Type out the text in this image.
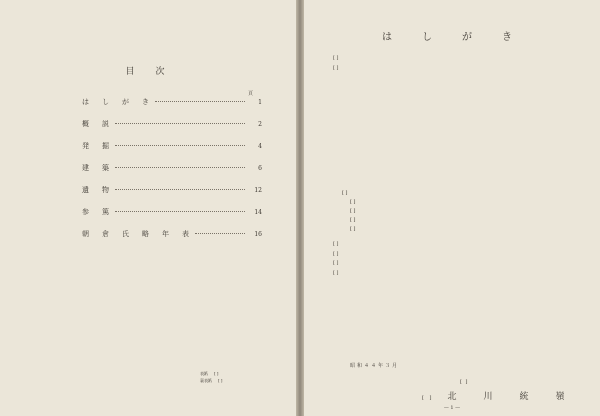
目　次
頁
は　し　が　き	1
概　説	2
発　掘	4
建　築	6
遺　物	12
参　篤	14
朝　倉　氏　略　年　表	16
表紙 [ ]
裏表紙 [ ]
は　し　が　き

[ ]

[ ]

[ ]
[ ]
[ ]
[ ]
[ ]

[ ]

[ ]

[ ]

[ ]

昭和４４年３月
[ ]
[ ] 北　川　統　嶺
— 1 —
